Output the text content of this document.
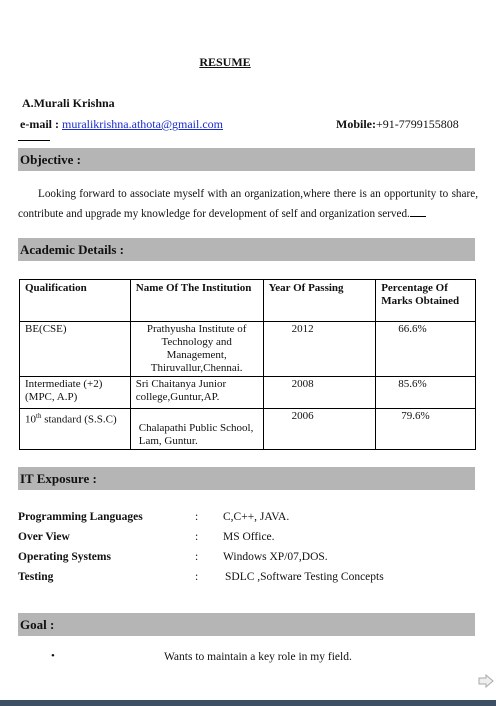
RESUME
A.Murali Krishna
e-mail : muralikrishna.athota@gmail.com	Mobile:+91-7799155808
Objective :
Looking forward to associate myself with an organization,where there is an opportunity to share, contribute and upgrade my knowledge for development of self and organization served.
Academic Details :
Qualification	Name Of The Institution	Year Of Passing	Percentage Of Marks Obtained
BE(CSE)	Prathyusha Institute of Technology and Management, Thiruvallur,Chennai.	2012	66.6%
Intermediate (+2) (MPC, A.P)	Sri Chaitanya Junior college,Guntur,AP.	2008	85.6%
10th standard (S.S.C)	Chalapathi Public School, Lam, Guntur.	2006	79.6%
IT Exposure :
Programming Languages	: C,C++, JAVA.
Over View	: MS Office.
Operating Systems	: Windows XP/07,DOS.
Testing	: SDLC ,Software Testing Concepts
Goal :
•	Wants to maintain a key role in my field.
